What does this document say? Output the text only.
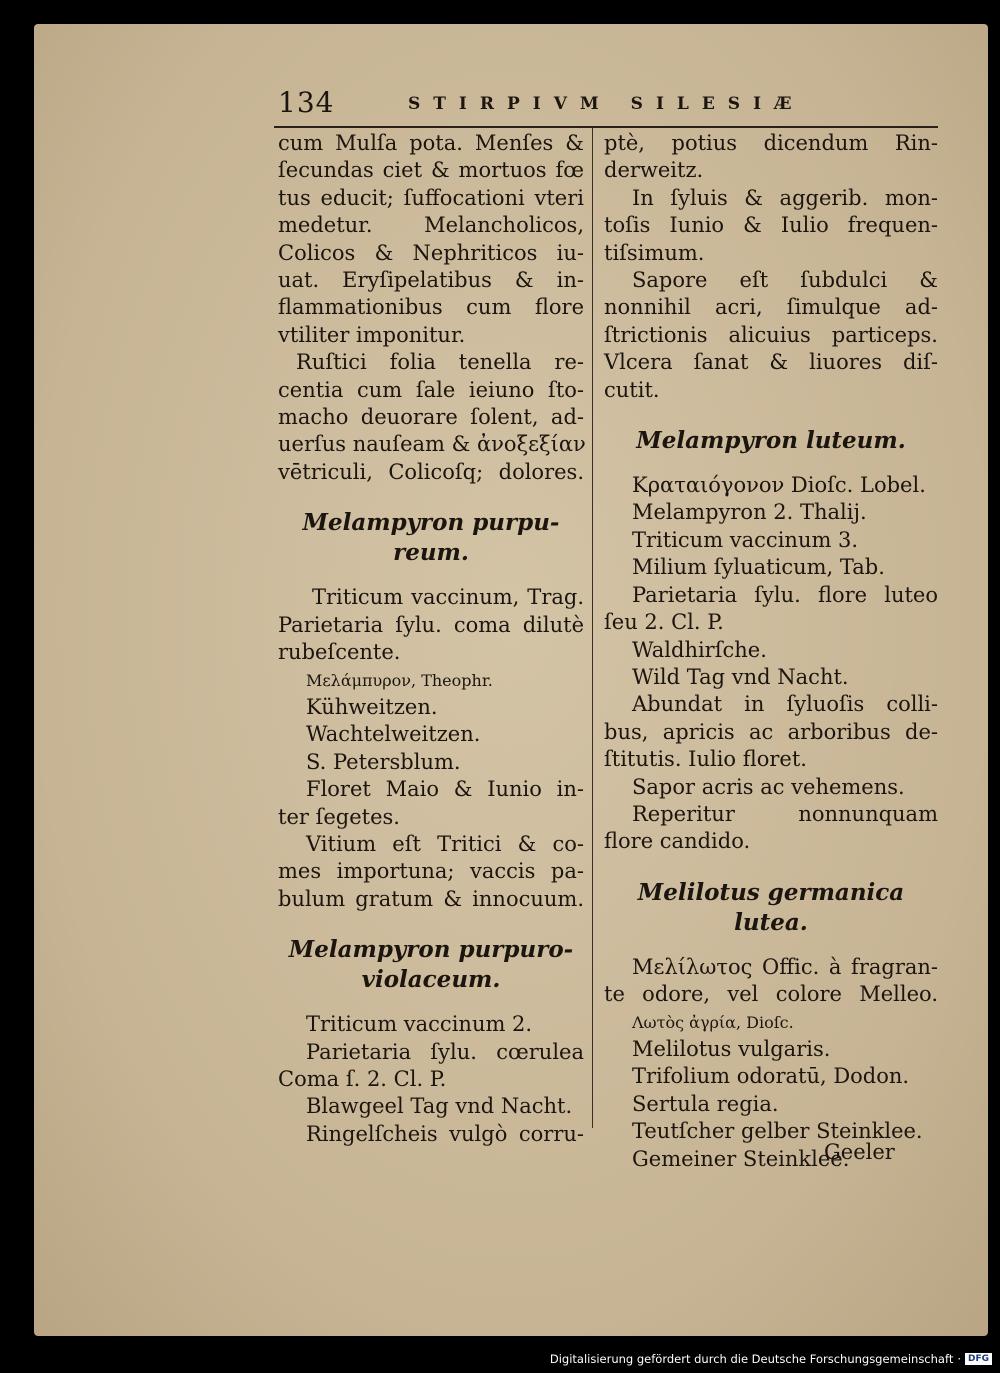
134	STIRPIVM SILESIÆ
cum Mulſa pota. Menſes &
ſecundas ciet & mortuos fœ
tus educit; ſuffocationi vteri
medetur. Melancholicos,
Colicos & Nephriticos iu-
uat. Eryſipelatibus & in-
flammationibus cum flore
vtiliter imponitur.
Ruſtici folia tenella re-
centia cum ſale ieiuno ſto-
macho deuorare ſolent, ad-
uerſus nauſeam & ἀνοξεξίαν
vētriculi, Colicoſq; dolores.
Melampyron purpu-
reum.
Triticum vaccinum, Trag.
Parietaria ſylu. coma dilutè
rubeſcente.
Μελάμπυρον, Theophr.
Kühweitzen.
Wachtelweitzen.
S. Petersblum.
Floret Maio & Iunio in-
ter ſegetes.
Vitium eſt Tritici & co-
mes importuna; vaccis pa-
bulum gratum & innocuum.
Melampyron purpuro-
violaceum.
Triticum vaccinum 2.
Parietaria ſylu. cœrulea
Coma ſ. 2. Cl. P.
Blawgeel Tag vnd Nacht.
Ringelſcheis vulgò corru-
ptè, potius dicendum Rin-
derweitz.
In ſyluis & aggerib. mon-
toſis Iunio & Iulio frequen-
tiſsimum.
Sapore eſt ſubdulci &
nonnihil acri, ſimulque ad-
ſtrictionis alicuius particeps.
Vlcera ſanat & liuores diſ-
cutit.
Melampyron luteum.
Κραταιόγονον Dioſc. Lobel.
Melampyron 2. Thalij.
Triticum vaccinum 3.
Milium ſyluaticum, Tab.
Parietaria ſylu. flore luteo
ſeu 2. Cl. P.
Waldhirſche.
Wild Tag vnd Nacht.
Abundat in ſyluoſis colli-
bus, apricis ac arboribus de-
ſtitutis. Iulio floret.
Sapor acris ac vehemens.
Reperitur nonnunquam
flore candido.
Melilotus germanica
lutea.
Μελίλωτος Offic. à fragran-
te odore, vel colore Melleo.
Λωτὸς ἀγρία, Dioſc.
Melilotus vulgaris.
Trifolium odoratū, Dodon.
Sertula regia.
Teutſcher gelber Steinklee.
Gemeiner Steinklee.
Geeler
Digitalisierung gefördert durch die Deutsche Forschungsgemeinschaft · DFG
